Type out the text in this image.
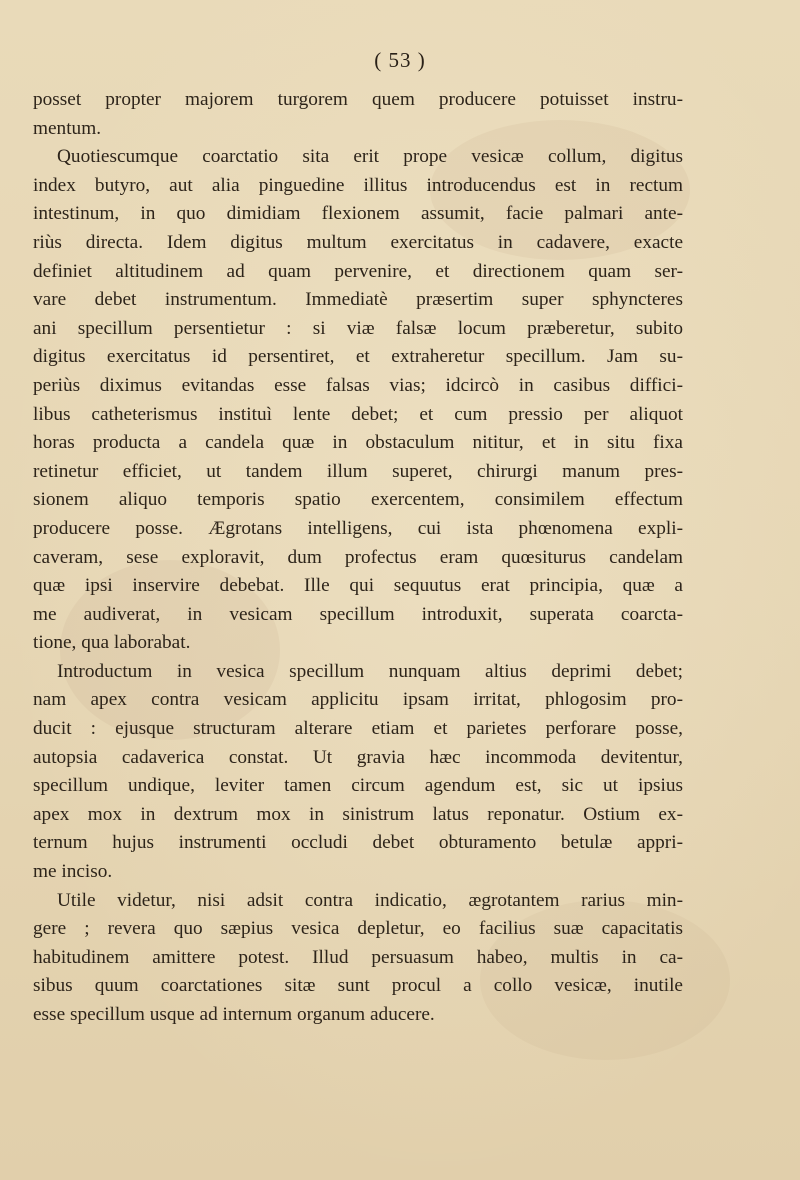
( 53 )
posset propter majorem turgorem quem producere potuisset instru-
mentum.
Quotiescumque coarctatio sita erit prope vesicæ collum, digitus
index butyro, aut alia pinguedine illitus introducendus est in rectum
intestinum, in quo dimidiam flexionem assumit, facie palmari ante-
riùs directa. Idem digitus multum exercitatus in cadavere, exacte
definiet altitudinem ad quam pervenire, et directionem quam ser-
vare debet instrumentum. Immediatè præsertim super sphyncteres
ani specillum persentietur : si viæ falsæ locum præberetur, subito
digitus exercitatus id persentiret, et extraheretur specillum. Jam su-
periùs diximus evitandas esse falsas vias; idcircò in casibus diffici-
libus catheterismus instituì lente debet; et cum pressio per aliquot
horas producta a candela quæ in obstaculum nititur, et in situ fixa
retinetur efficiet, ut tandem illum superet, chirurgi manum pres-
sionem aliquo temporis spatio exercentem, consimilem effectum
producere posse. Ægrotans intelligens, cui ista phœnomena expli-
caveram, sese exploravit, dum profectus eram quœsiturus candelam
quæ ipsi inservire debebat. Ille qui sequutus erat principia, quæ a
me audiverat, in vesicam specillum introduxit, superata coarcta-
tione, qua laborabat.
Introductum in vesica specillum nunquam altius deprimi debet;
nam apex contra vesicam applicitu ipsam irritat, phlogosim pro-
ducit : ejusque structuram alterare etiam et parietes perforare posse,
autopsia cadaverica constat. Ut gravia hæc incommoda devitentur,
specillum undique, leviter tamen circum agendum est, sic ut ipsius
apex mox in dextrum mox in sinistrum latus reponatur. Ostium ex-
ternum hujus instrumenti occludi debet obturamento betulæ appri-
me inciso.
Utile videtur, nisi adsit contra indicatio, ægrotantem rarius min-
gere ; revera quo sæpius vesica depletur, eo facilius suæ capacitatis
habitudinem amittere potest. Illud persuasum habeo, multis in ca-
sibus quum coarctationes sitæ sunt procul a collo vesicæ, inutile
esse specillum usque ad internum organum aducere.
